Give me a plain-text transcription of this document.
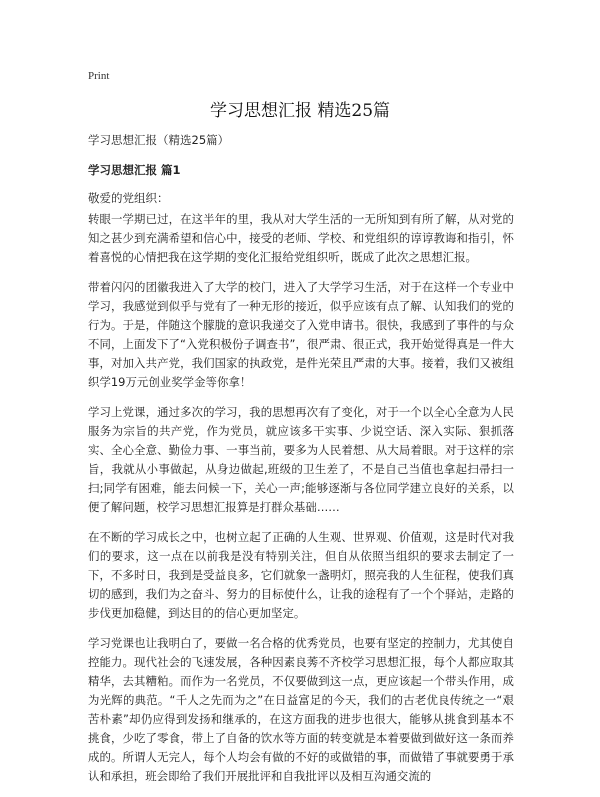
Print
学习思想汇报 精选25篇
学习思想汇报（精选25篇）
学习思想汇报 篇1
敬爱的党组织：

转眼一学期已过，在这半年的里，我从对大学生活的一无所知到有所了解，从对党的知之甚少到充满希望和信心中，接受的老师、学校、和党组织的谆谆教诲和指引，怀着喜悦的心情把我在这学期的变化汇报给党组织听，既成了此次之思想汇报。

带着闪闪的团徽我进入了大学的校门，进入了大学学习生活，对于在这样一个专业中学习，我感觉到似乎与党有了一种无形的接近，似乎应该有点了解、认知我们的党的行为。于是，伴随这个朦胧的意识我递交了入党申请书。很快，我感到了事件的与众不同，上面发下了“入党积极份子调查书”，很严肃、很正式，我开始觉得真是一件大事，对加入共产党，我们国家的执政党，是件光荣且严肃的大事。接着，我们又被组织学19万元创业奖学金等你拿！

学习上党课，通过多次的学习，我的思想再次有了变化，对于一个以全心全意为人民服务为宗旨的共产党，作为党员，就应该多干实事、少说空话、深入实际、狠抓落实、全心全意、勤俭力事、一事当前，要多为人民着想、从大局着眼。对于这样的宗旨，我就从小事做起，从身边做起,班级的卫生差了，不是自己当值也拿起扫帚扫一扫;同学有困难，能去问候一下，关心一声;能够逐渐与各位同学建立良好的关系，以便了解问题，校学习思想汇报算是打群众基础……

在不断的学习成长之中，也树立起了正确的人生观、世界观、价值观，这是时代对我们的要求，这一点在以前我是没有特别关注，但自从依照当组织的要求去制定了一下，不多时日，我到是受益良多，它们就象一盏明灯，照亮我的人生征程，使我们真切的感到，我们为之奋斗、努力的目标使什么，让我的途程有了一个个驿站，走路的步伐更加稳健，到达目的的信心更加坚定。

学习党课也让我明白了，要做一名合格的优秀党员，也要有坚定的控制力，尤其使自控能力。现代社会的飞速发展，各种因素良莠不齐校学习思想汇报，每个人都应取其精华，去其糟粕。而作为一名党员，不仅要做到这一点，更应该起一个带头作用，成为光辉的典范。“千人之先而为之”在日益富足的今天，我们的古老优良传统之一“艰苦朴素”却仍应得到发扬和继承的，在这方面我的进步也很大，能够从挑食到基本不挑食，少吃了零食，带上了自备的饮水等方面的转变就是本着要做到做好这一条而养成的。所谓人无完人，每个人均会有做的不好的或做错的事，而做错了事就要勇于承认和承担，班会即给了我们开展批评和自我批评以及相互沟通交流的
